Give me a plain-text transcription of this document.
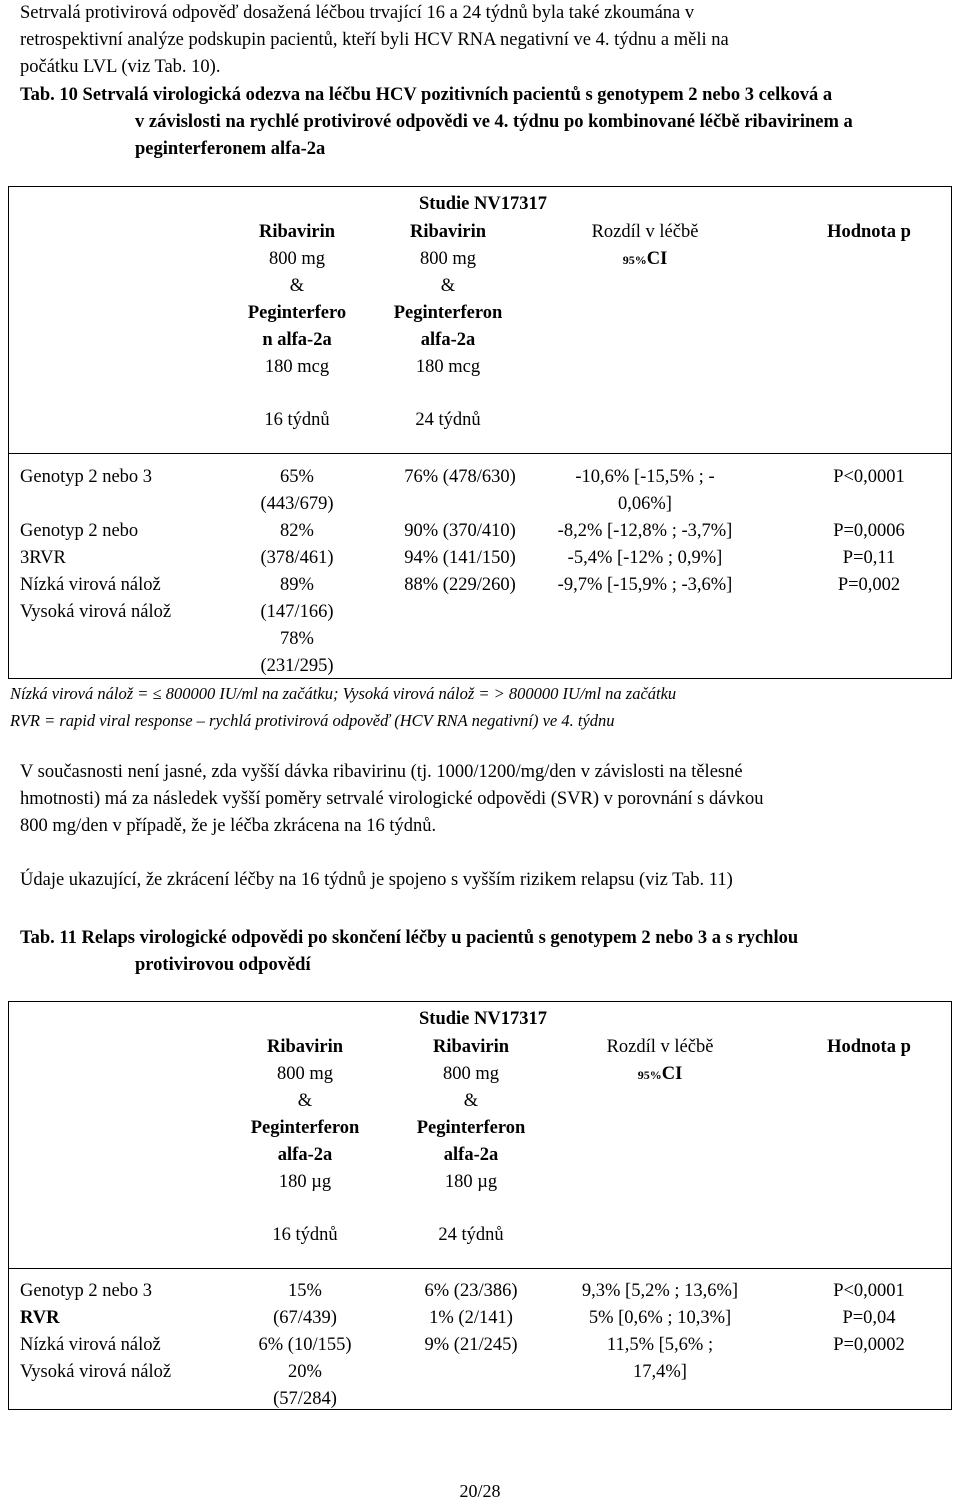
Setrvalá protivirová odpověď dosažená léčbou trvající 16 a 24 týdnů byla také zkoumána v
retrospektivní analýze podskupin pacientů, kteří byli HCV RNA negativní ve 4. týdnu a měli na
počátku LVL (viz Tab. 10).
Tab. 10 Setrvalá virologická odezva na léčbu HCV pozitivních pacientů s genotypem 2 nebo 3 celková a
v závislosti na rychlé protivirové odpovědi ve 4. týdnu po kombinované léčbě ribavirinem a
peginterferonem alfa-2a
Studie NV17317
Ribavirin
800 mg
&
Peginterfero
n alfa-2a
180 mcg
16 týdnů
Ribavirin
800 mg
&
Peginterferon
alfa-2a
180 mcg
24 týdnů
Rozdíl v léčbě
95%CI
Hodnota p
Genotyp 2 nebo 3	65%
(443/679)
76% (478/630)	-10,6% [-15,5% ; -
0,06%]
P<0,0001
Genotyp 2 nebo
3RVR
Nízká virová nálož
Vysoká virová nálož
82%
(378/461)
89%
(147/166)
78%
(231/295)
90% (370/410)
94% (141/150)
88% (229/260)
-8,2% [-12,8% ; -3,7%]
-5,4% [-12% ; 0,9%]
-9,7% [-15,9% ; -3,6%]
P=0,0006
P=0,11
P=0,002
Nízká virová nálož = ≤ 800000 IU/ml na začátku; Vysoká virová nálož = > 800000 IU/ml na začátku
RVR = rapid viral response – rychlá protivirová odpověď (HCV RNA negativní) ve 4. týdnu
V současnosti není jasné, zda vyšší dávka ribavirinu (tj. 1000/1200/mg/den v závislosti na tělesné
hmotnosti) má za následek vyšší poměry setrvalé virologické odpovědi (SVR) v porovnání s dávkou
800 mg/den v případě, že je léčba zkrácena na 16 týdnů.
Údaje ukazující, že zkrácení léčby na 16 týdnů je spojeno s vyšším rizikem relapsu (viz Tab. 11)
Tab. 11 Relaps virologické odpovědi po skončení léčby u pacientů s genotypem 2 nebo 3 a s rychlou
protivirovou odpovědí
Studie NV17317
Ribavirin
800 mg
&
Peginterferon
alfa-2a
180 µg
16 týdnů
Ribavirin
800 mg
&
Peginterferon
alfa-2a
180 µg
24 týdnů
Rozdíl v léčbě
95%CI
Hodnota p
Genotyp 2 nebo 3
RVR
Nízká virová nálož
Vysoká virová nálož
15%
(67/439)
6% (10/155)
20%
(57/284)
6% (23/386)
1% (2/141)
9% (21/245)
9,3% [5,2% ; 13,6%]
5% [0,6% ; 10,3%]
11,5% [5,6% ;
17,4%]
P<0,0001
P=0,04
P=0,0002
20/28
